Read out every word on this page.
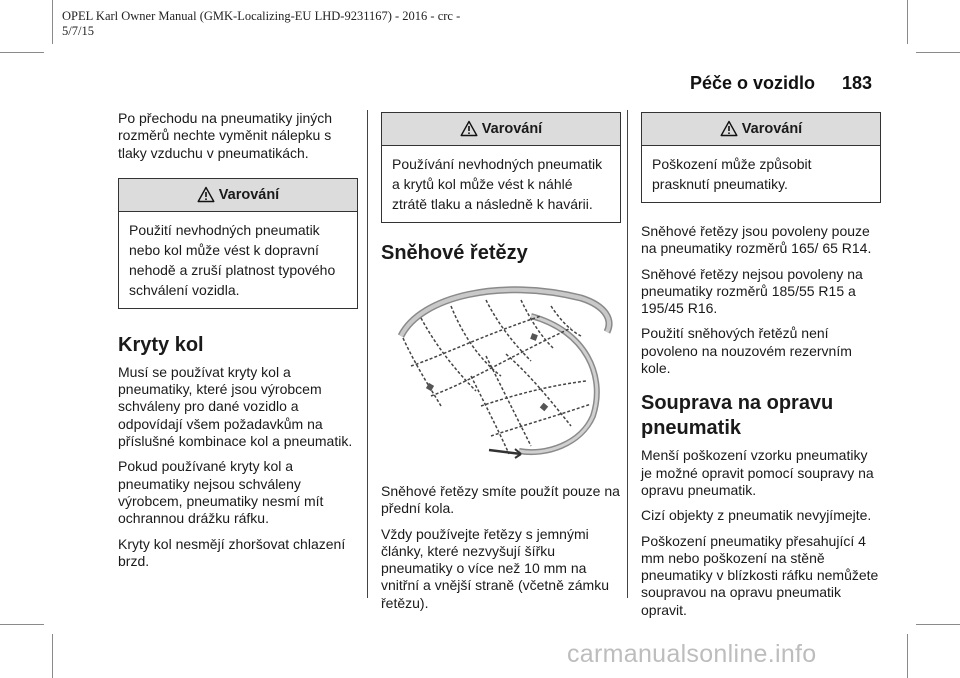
OPEL Karl Owner Manual (GMK-Localizing-EU LHD-9231167) - 2016 - crc -
5/7/15
Péče o vozidlo 183

Po přechodu na pneumatiky jiných rozměrů nechte vyměnit nálepku s tlaky vzduchu v pneumatikách.

Varování
Použití nevhodných pneumatik nebo kol může vést k dopravní nehodě a zruší platnost typového schválení vozidla.
Kryty kol

Musí se používat kryty kol a pneumatiky, které jsou výrobcem schváleny pro dané vozidlo a odpovídají všem požadavkům na příslušné kombinace kol a pneumatik.

Pokud používané kryty kol a pneumatiky nejsou schváleny výrobcem, pneumatiky nesmí mít ochrannou drážku ráfku.

Kryty kol nesmějí zhoršovat chlazení brzd.

Varování
Používání nevhodných pneumatik a krytů kol může vést k náhlé ztrátě tlaku a následně k havárii.
Sněhové řetězy

Sněhové řetězy smíte použít pouze na přední kola.

Vždy používejte řetězy s jemnými články, které nezvyšují šířku pneumatiky o více než 10 mm na vnitřní a vnější straně (včetně zámku řetězu).

Varování
Poškození může způsobit prasknutí pneumatiky.

Sněhové řetězy jsou povoleny pouze na pneumatiky rozměrů 165/ 65 R14.

Sněhové řetězy nejsou povoleny na pneumatiky rozměrů 185/55 R15 a 195/45 R16.

Použití sněhových řetězů není povoleno na nouzovém rezervním kole.

Souprava na opravu pneumatik

Menší poškození vzorku pneumatiky je možné opravit pomocí soupravy na opravu pneumatik.

Cizí objekty z pneumatik nevyjímejte.

Poškození pneumatiky přesahující 4 mm nebo poškození na stěně pneumatiky v blízkosti ráfku nemůžete soupravou na opravu pneumatik opravit.

carmanualsonline.info
